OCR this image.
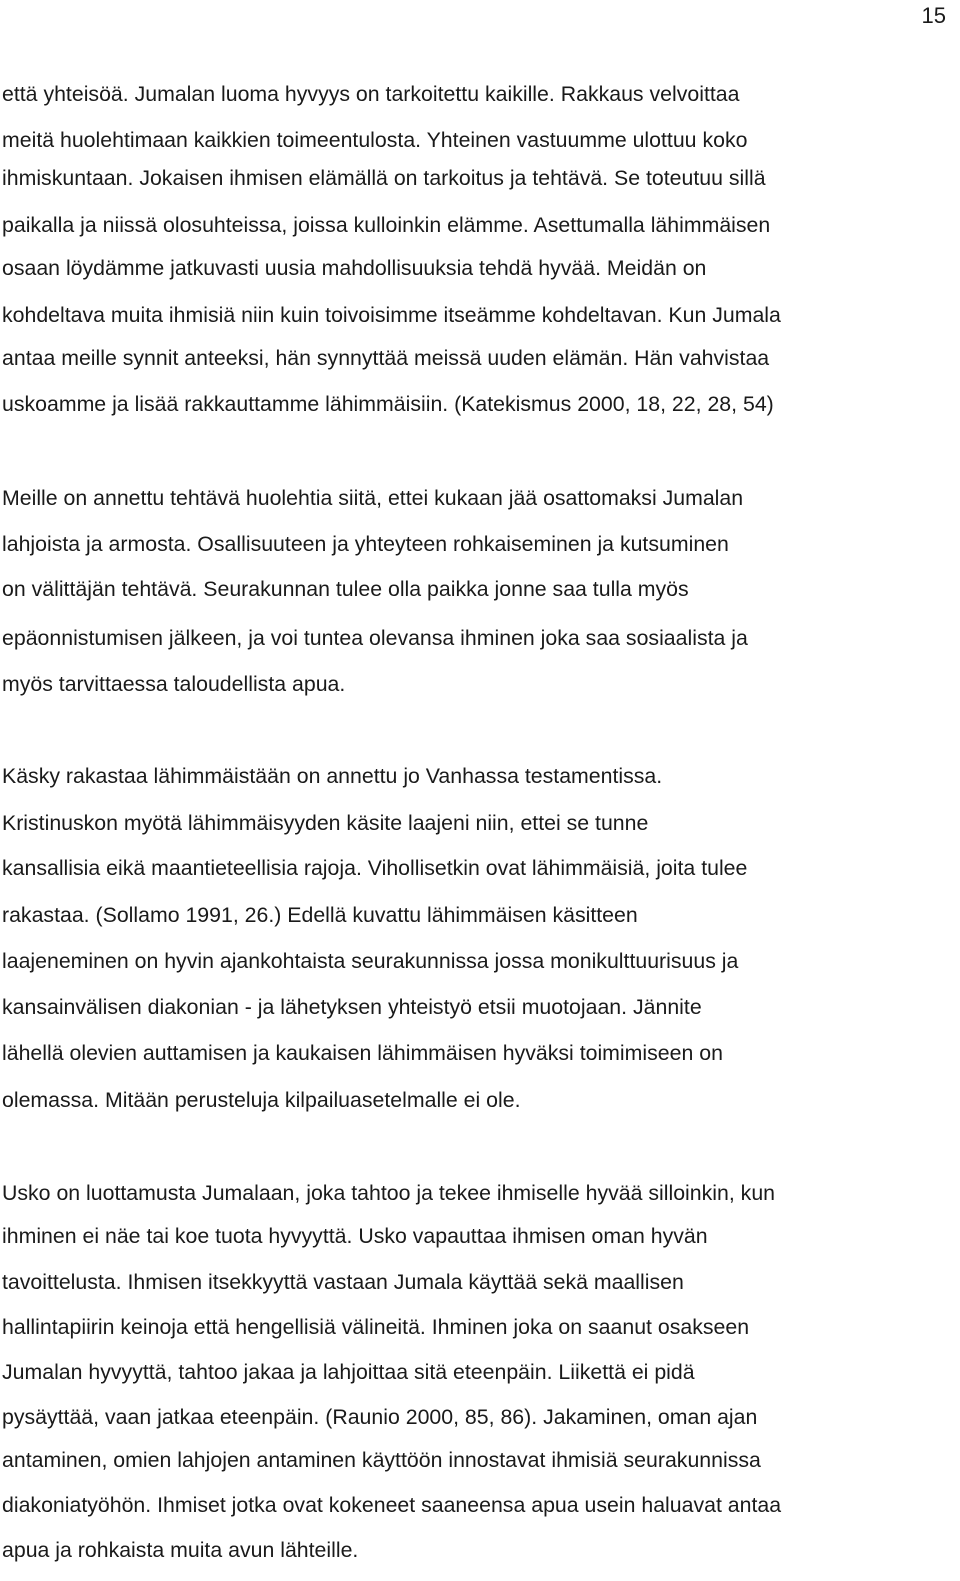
15
että yhteisöä. Jumalan luoma hyvyys on tarkoitettu kaikille. Rakkaus velvoittaa
meitä huolehtimaan kaikkien toimeentulosta. Yhteinen vastuumme ulottuu koko
ihmiskuntaan. Jokaisen ihmisen elämällä on tarkoitus ja tehtävä. Se toteutuu sillä
paikalla ja niissä olosuhteissa, joissa kulloinkin elämme. Asettumalla lähimmäisen
osaan löydämme jatkuvasti uusia mahdollisuuksia tehdä hyvää. Meidän on
kohdeltava muita ihmisiä niin kuin toivoisimme itseämme kohdeltavan. Kun Jumala
antaa meille synnit anteeksi, hän synnyttää meissä uuden elämän. Hän vahvistaa
uskoamme ja lisää rakkauttamme lähimmäisiin. (Katekismus 2000, 18, 22, 28, 54)
Meille on annettu tehtävä huolehtia siitä, ettei kukaan jää osattomaksi Jumalan
lahjoista ja armosta. Osallisuuteen ja yhteyteen rohkaiseminen ja kutsuminen
on välittäjän tehtävä. Seurakunnan tulee olla paikka jonne saa tulla myös
epäonnistumisen jälkeen, ja voi tuntea olevansa ihminen joka saa sosiaalista ja
myös tarvittaessa taloudellista apua.
Käsky rakastaa lähimmäistään on annettu jo Vanhassa testamentissa.
Kristinuskon myötä lähimmäisyyden käsite laajeni niin, ettei se tunne
kansallisia eikä maantieteellisia rajoja. Vihollisetkin ovat lähimmäisiä, joita tulee
rakastaa. (Sollamo 1991, 26.) Edellä kuvattu lähimmäisen käsitteen
laajeneminen on hyvin ajankohtaista seurakunnissa jossa monikulttuurisuus ja
kansainvälisen diakonian - ja lähetyksen yhteistyö etsii muotojaan. Jännite
lähellä olevien auttamisen ja kaukaisen lähimmäisen hyväksi toimimiseen on
olemassa. Mitään perusteluja kilpailuasetelmalle ei ole.
Usko on luottamusta Jumalaan, joka tahtoo ja tekee ihmiselle hyvää silloinkin, kun
ihminen ei näe tai koe tuota hyvyyttä. Usko vapauttaa ihmisen oman hyvän
tavoittelusta. Ihmisen itsekkyyttä vastaan Jumala käyttää sekä maallisen
hallintapiirin keinoja että hengellisiä välineitä. Ihminen joka on saanut osakseen
Jumalan hyvyyttä, tahtoo jakaa ja lahjoittaa sitä eteenpäin. Liikettä ei pidä
pysäyttää, vaan jatkaa eteenpäin. (Raunio 2000, 85, 86). Jakaminen, oman ajan
antaminen, omien lahjojen antaminen käyttöön innostavat ihmisiä seurakunnissa
diakoniatyöhön. Ihmiset jotka ovat kokeneet saaneensa apua usein haluavat antaa
apua ja rohkaista muita avun lähteille.
